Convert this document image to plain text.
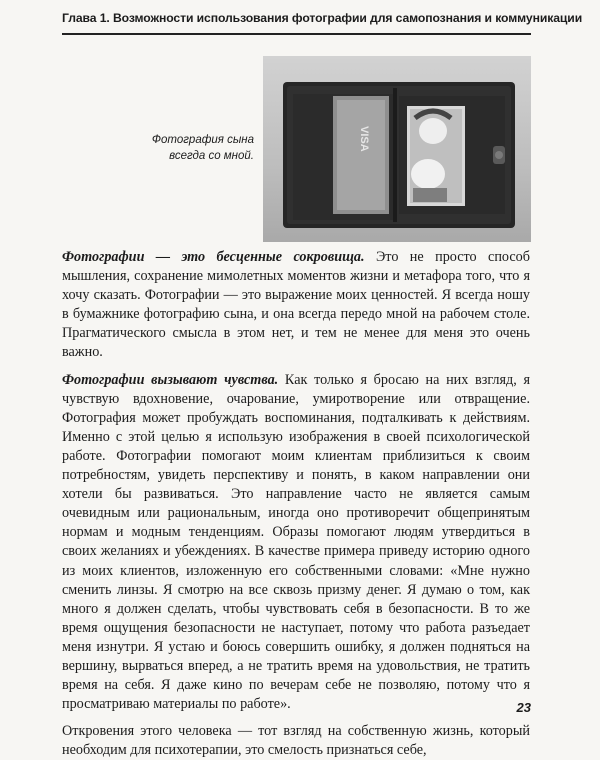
Глава 1. Возможности использования фотографии для самопознания и коммуникации
VISA
Фотография сына
всегда со мной.

Фотографии — это бесценные сокровища. Это не просто способ мышления, сохранение мимолетных моментов жизни и метафора того, что я хочу сказать. Фотографии — это выражение моих ценностей. Я всегда ношу в бумажнике фотографию сына, и она всегда передо мной на рабочем столе. Прагматического смысла в этом нет, и тем не менее для меня это очень важно.

Фотографии вызывают чувства. Как только я бросаю на них взгляд, я чувствую вдохновение, очарование, умиротворение или отвращение. Фотография может пробуждать воспоминания, подталкивать к действиям. Именно с этой целью я использую изображения в своей психологической работе. Фотографии помогают моим клиентам приблизиться к своим потребностям, увидеть перспективу и понять, в каком направлении они хотели бы развиваться. Это направление часто не является самым очевидным или рациональным, иногда оно противоречит общепринятым нормам и модным тенденциям. Образы помогают людям утвердиться в своих желаниях и убеждениях. В качестве примера приведу историю одного из моих клиентов, изложенную его собственными словами: «Мне нужно сменить линзы. Я смотрю на все сквозь призму денег. Я думаю о том, как много я должен сделать, чтобы чувствовать себя в безопасности. В то же время ощущения безопасности не наступает, потому что работа разъедает меня изнутри. Я устаю и боюсь совершить ошибку, я должен подняться на вершину, вырваться вперед, а не тратить время на удовольствия, не тратить время на себя. Я даже кино по вечерам себе не позволяю, потому что я просматриваю материалы по работе».

Откровения этого человека — тот взгляд на собственную жизнь, который необходим для психотерапии, это смелость признаться себе,

23
